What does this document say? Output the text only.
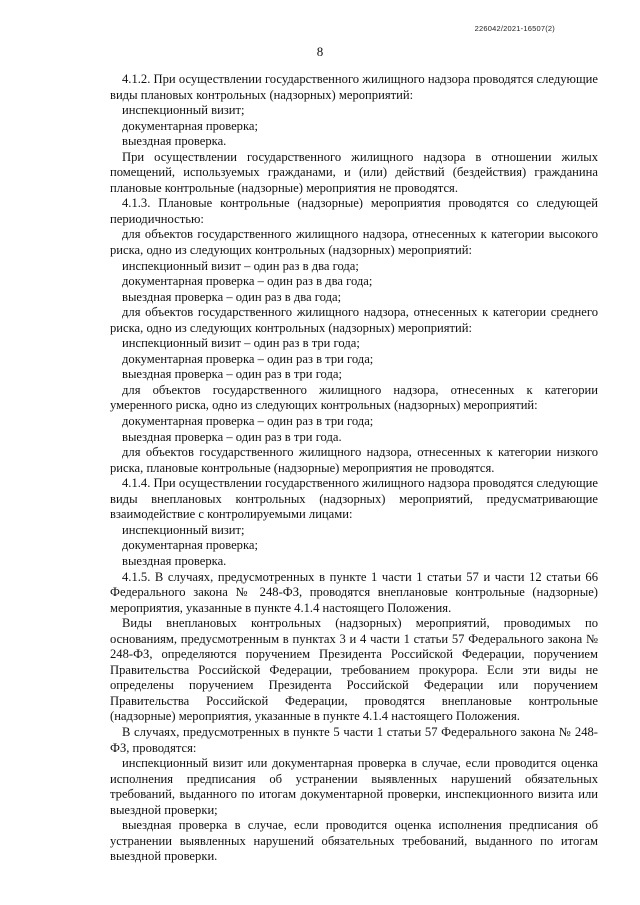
226042/2021-16507(2)
8

4.1.2. При осуществлении государственного жилищного надзора проводятся следующие виды плановых контрольных (надзорных) мероприятий:

инспекционный визит;

документарная проверка;

выездная проверка.

При осуществлении государственного жилищного надзора в отношении жилых помещений, используемых гражданами, и (или) действий (бездействия) гражданина плановые контрольные (надзорные) мероприятия не проводятся.

4.1.3. Плановые контрольные (надзорные) мероприятия проводятся со следующей периодичностью:

для объектов государственного жилищного надзора, отнесенных к категории высокого риска, одно из следующих контрольных (надзорных) мероприятий:

инспекционный визит – один раз в два года;

документарная проверка – один раз в два года;

выездная проверка – один раз в два года;

для объектов государственного жилищного надзора, отнесенных к категории среднего риска, одно из следующих контрольных (надзорных) мероприятий:

инспекционный визит – один раз в три года;

документарная проверка – один раз в три года;

выездная проверка – один раз в три года;

для объектов государственного жилищного надзора, отнесенных к категории умеренного риска, одно из следующих контрольных (надзорных) мероприятий:

документарная проверка – один раз в три года;

выездная проверка – один раз в три года.

для объектов государственного жилищного надзора, отнесенных к категории низкого риска, плановые контрольные (надзорные) мероприятия не проводятся.

4.1.4. При осуществлении государственного жилищного надзора проводятся следующие виды внеплановых контрольных (надзорных) мероприятий, предусматривающие взаимодействие с контролируемыми лицами:

инспекционный визит;

документарная проверка;

выездная проверка.

4.1.5. В случаях, предусмотренных в пункте 1 части 1 статьи 57 и части 12 статьи 66 Федерального закона № 248-ФЗ, проводятся внеплановые контрольные (надзорные) мероприятия, указанные в пункте 4.1.4 настоящего Положения.

Виды внеплановых контрольных (надзорных) мероприятий, проводимых по основаниям, предусмотренным в пунктах 3 и 4 части 1 статьи 57 Федерального закона № 248-ФЗ, определяются поручением Президента Российской Федерации, поручением Правительства Российской Федерации, требованием прокурора. Если эти виды не определены поручением Президента Российской Федерации или поручением Правительства Российской Федерации, проводятся внеплановые контрольные (надзорные) мероприятия, указанные в пункте 4.1.4 настоящего Положения.

В случаях, предусмотренных в пункте 5 части 1 статьи 57 Федерального закона № 248-ФЗ, проводятся:

инспекционный визит или документарная проверка в случае, если проводится оценка исполнения предписания об устранении выявленных нарушений обязательных требований, выданного по итогам документарной проверки, инспекционного визита или выездной проверки;

выездная проверка в случае, если проводится оценка исполнения предписания об устранении выявленных нарушений обязательных требований, выданного по итогам выездной проверки.
